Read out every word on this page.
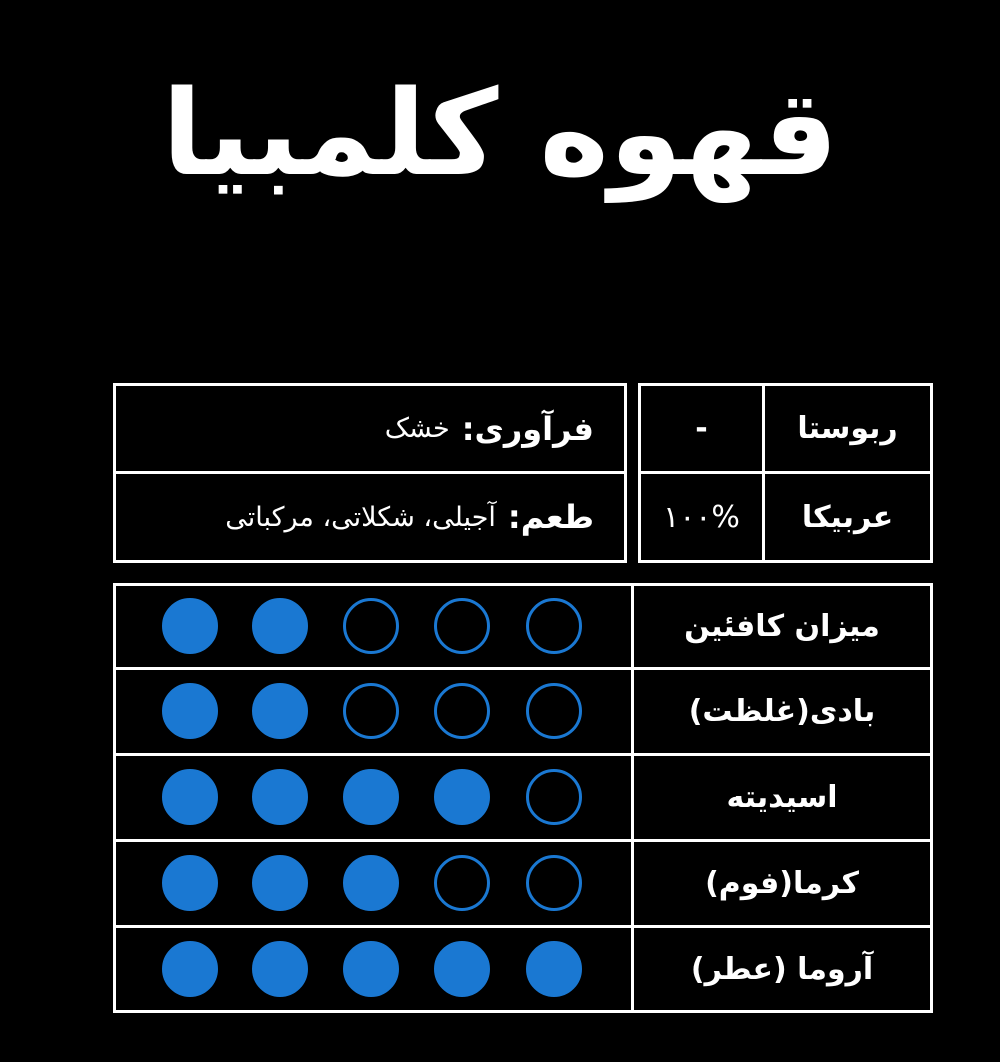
قهوه کلمبیا
فرآوری:
خشک
طعم:
آجیلی، شکلاتی، مرکباتی
ربوستا
-
عربیکا
۱۰۰%
میزان کافئین
بادی(غلظت)
اسیدیته
کرما(فوم)
آروما (عطر)
